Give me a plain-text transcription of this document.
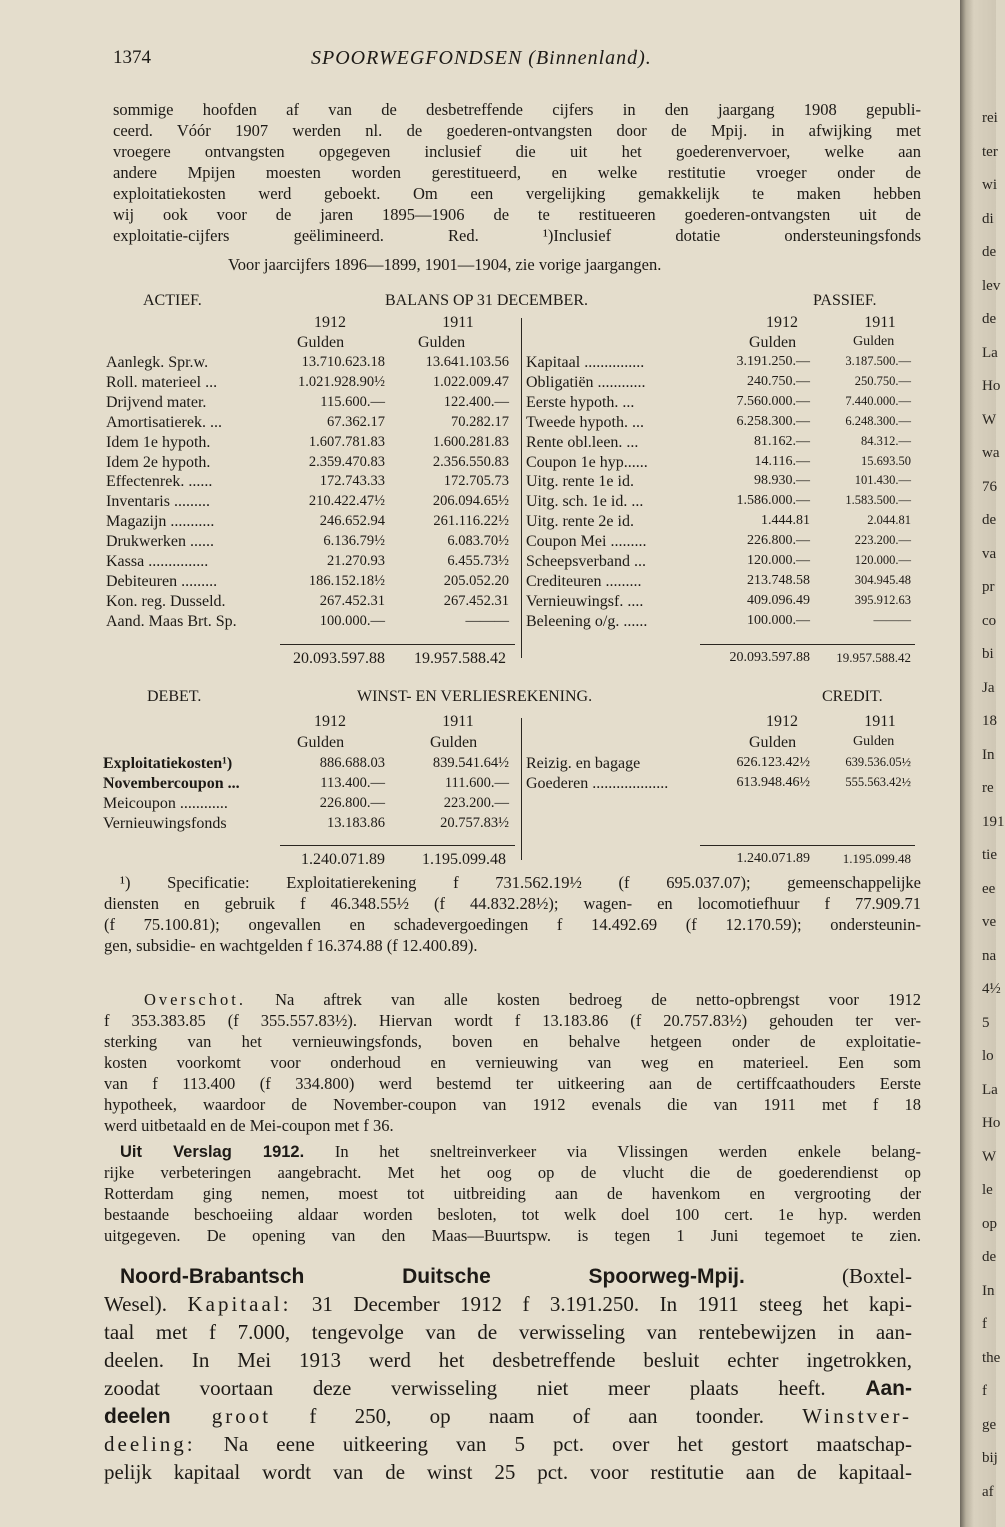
1374	SPOORWEGFONDSEN (Binnenland).
sommige hoofden af van de desbetreffende cijfers in den jaargang 1908 gepubli-
ceerd. Vóór 1907 werden nl. de goederen-ontvangsten door de Mpij. in afwijking met
vroegere ontvangsten opgegeven inclusief die uit het goederenvervoer, welke aan
andere Mpijen moesten worden gerestitueerd, en welke restitutie vroeger onder de
exploitatiekosten werd geboekt. Om een vergelijking gemakkelijk te maken hebben
wij ook voor de jaren 1895—1906 de te restitueeren goederen-ontvangsten uit de
exploitatie-cijfers geëlimineerd. Red. ¹)Inclusief dotatie ondersteuningsfonds
Voor jaarcijfers 1896—1899, 1901—1904, zie vorige jaargangen.
ACTIEF.	BALANS OP 31 DECEMBER.	PASSIEF.
1912	1911
Gulden	Gulden
1912	1911
Gulden	Gulden
Aanlegk. Spr.w.	13.710.623.18	13.641.103.56
Roll. materieel ...	1.021.928.90½	1.022.009.47
Drijvend mater.	115.600.—	122.400.—
Amortisatierek. ...	67.362.17	70.282.17
Idem 1e hypoth.	1.607.781.83	1.600.281.83
Idem 2e hypoth.	2.359.470.83	2.356.550.83
Effectenrek. ......	172.743.33	172.705.73
Inventaris .........	210.422.47½	206.094.65½
Magazijn ...........	246.652.94	261.116.22½
Drukwerken ......	6.136.79½	6.083.70½
Kassa ...............	21.270.93	6.455.73½
Debiteuren .........	186.152.18½	205.052.20
Kon. reg. Dusseld.	267.452.31	267.452.31
Aand. Maas Brt. Sp.	100.000.—	———
Kapitaal ...............	3.191.250.—	3.187.500.—
Obligatiën ............	240.750.—	250.750.—
Eerste hypoth. ...	7.560.000.—	7.440.000.—
Tweede hypoth. ...	6.258.300.—	6.248.300.—
Rente obl.leen. ...	81.162.—	84.312.—
Coupon 1e hyp......	14.116.—	15.693.50
Uitg. rente 1e id.	98.930.—	101.430.—
Uitg. sch. 1e id. ...	1.586.000.—	1.583.500.—
Uitg. rente 2e id.	1.444.81	2.044.81
Coupon Mei .........	226.800.—	223.200.—
Scheepsverband ...	120.000.—	120.000.—
Crediteuren .........	213.748.58	304.945.48
Vernieuwingsf. ....	409.096.49	395.912.63
Beleening o/g. ......	100.000.—	———
20.093.597.88	19.957.588.42	20.093.597.88	19.957.588.42
DEBET.	WINST- EN VERLIESREKENING.	CREDIT.
1912	1911
Gulden	Gulden
1912	1911
Gulden	Gulden
Exploitatiekosten¹)	886.688.03	839.541.64½
Novembercoupon ...	113.400.—	111.600.—
Meicoupon ............	226.800.—	223.200.—
Vernieuwingsfonds	13.183.86	20.757.83½
Reizig. en bagage	626.123.42½	639.536.05½
Goederen ...................	613.948.46½	555.563.42½
1.240.071.89	1.195.099.48	1.240.071.89	1.195.099.48
¹) Specificatie: Exploitatierekening f 731.562.19½ (f 695.037.07); gemeenschappelijke
diensten en gebruik f 46.348.55½ (f 44.832.28½); wagen- en locomotiefhuur f 77.909.71
(f 75.100.81); ongevallen en schadevergoedingen f 14.492.69 (f 12.170.59); ondersteunin-
gen, subsidie- en wachtgelden f 16.374.88 (f 12.400.89).
Overschot. Na aftrek van alle kosten bedroeg de netto-opbrengst voor 1912
f 353.383.85 (f 355.557.83½). Hiervan wordt f 13.183.86 (f 20.757.83½) gehouden ter ver-
sterking van het vernieuwingsfonds, boven en behalve hetgeen onder de exploitatie-
kosten voorkomt voor onderhoud en vernieuwing van weg en materieel. Een som
van f 113.400 (f 334.800) werd bestemd ter uitkeering aan de certiffcaathouders Eerste
hypotheek, waardoor de November-coupon van 1912 evenals die van 1911 met f 18
werd uitbetaald en de Mei-coupon met f 36.
Uit Verslag 1912. In het sneltreinverkeer via Vlissingen werden enkele belang-
rijke verbeteringen aangebracht. Met het oog op de vlucht die de goederendienst op
Rotterdam ging nemen, moest tot uitbreiding aan de havenkom en vergrooting der
bestaande beschoeiing aldaar worden besloten, tot welk doel 100 cert. 1e hyp. werden
uitgegeven. De opening van den Maas—Buurtspw. is tegen 1 Juni tegemoet te zien.
Noord-Brabantsch Duitsche Spoorweg-Mpij. (Boxtel-
Wesel). Kapitaal: 31 December 1912 f 3.191.250. In 1911 steeg het kapi-
taal met f 7.000, tengevolge van de verwisseling van rentebewijzen in aan-
deelen. In Mei 1913 werd het desbetreffende besluit echter ingetrokken,
zoodat voortaan deze verwisseling niet meer plaats heeft. Aan-
deelen groot f 250, op naam of aan toonder. Winstver-
deeling: Na eene uitkeering van 5 pct. over het gestort maatschap-
pelijk kapitaal wordt van de winst 25 pct. voor restitutie aan de kapitaal-
rei
ter
wi
di
de
lev
de
La
Ho
W
wa
76
de
va
pr
co
bi
Ja
18
In
re
191
tie
ee
ve
na
4½
5
lo
La
Ho
W
le
op
de
In
f
the
f
ge
bij
af
